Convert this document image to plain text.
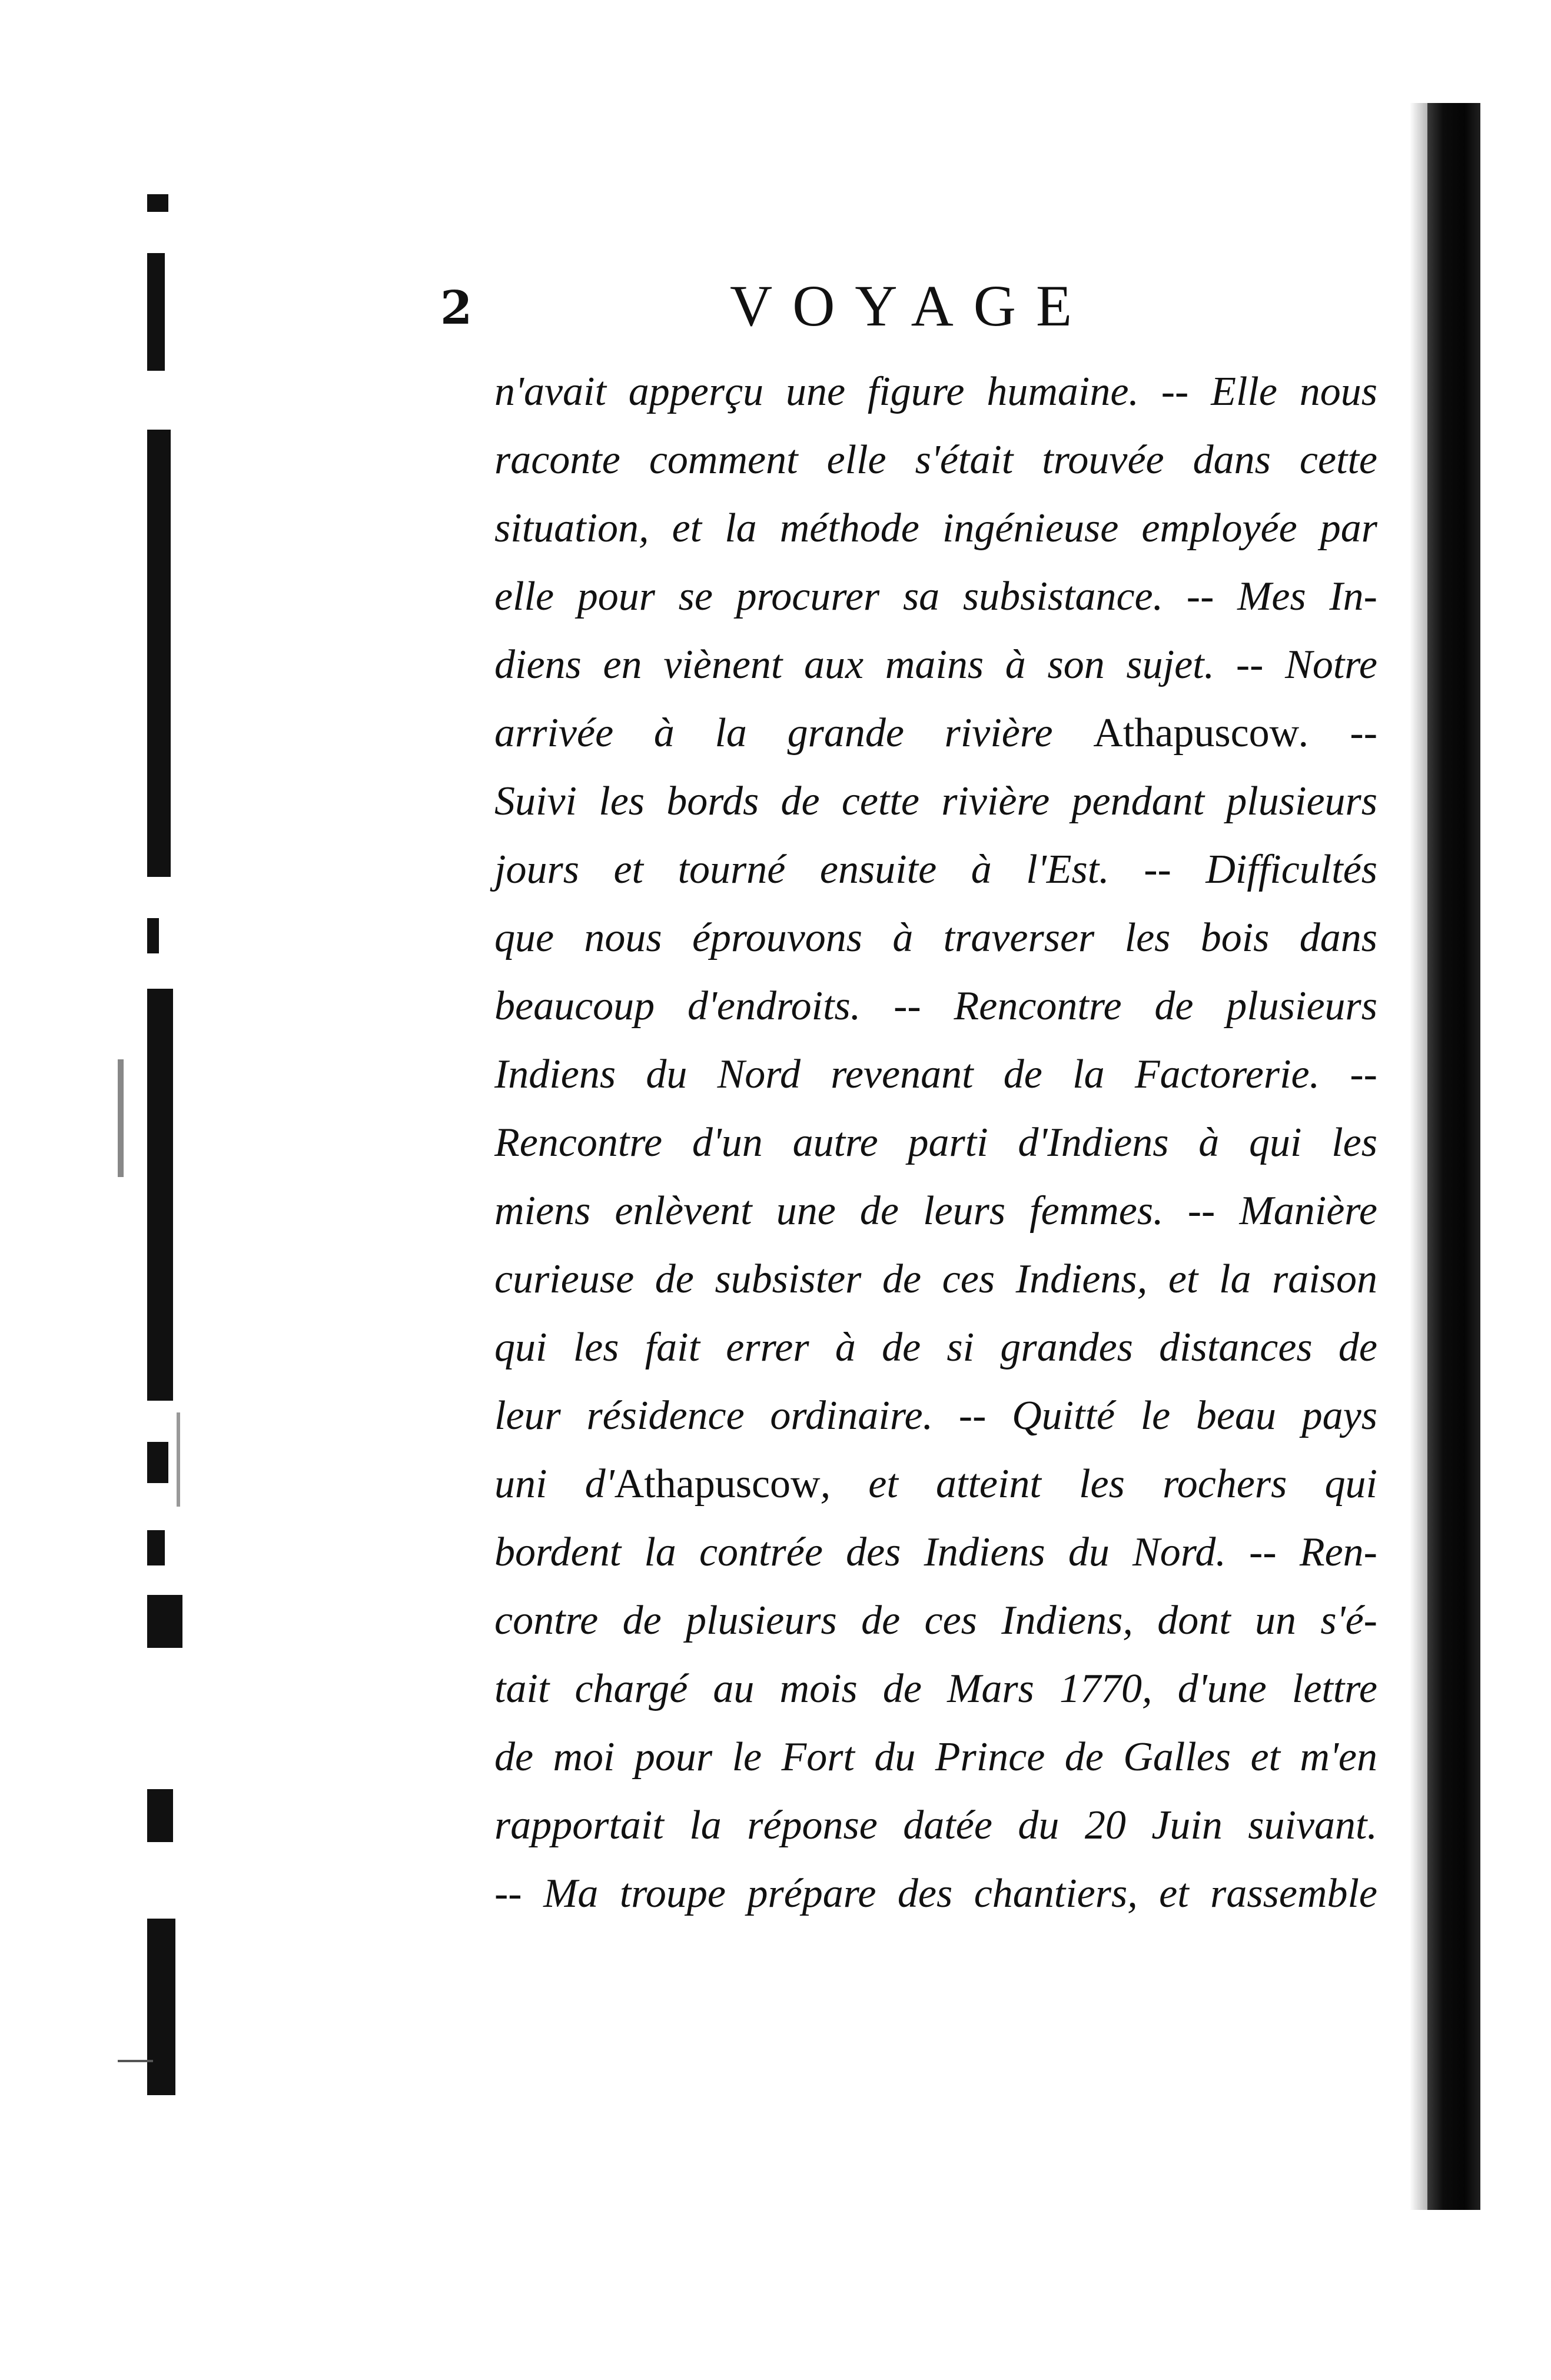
2	VOYAGE
n'avait apperçu une figure humaine. -- Elle nous
raconte comment elle s'était trouvée dans cette
situation, et la méthode ingénieuse employée par
elle pour se procurer sa subsistance. -- Mes In-
diens en viènent aux mains à son sujet. -- Notre
arrivée à la grande rivière Athapuscow. --
Suivi les bords de cette rivière pendant plusieurs
jours et tourné ensuite à l'Est. -- Difficultés
que nous éprouvons à traverser les bois dans
beaucoup d'endroits. -- Rencontre de plusieurs
Indiens du Nord revenant de la Factorerie. --
Rencontre d'un autre parti d'Indiens à qui les
miens enlèvent une de leurs femmes. -- Manière
curieuse de subsister de ces Indiens, et la raison
qui les fait errer à de si grandes distances de
leur résidence ordinaire. -- Quitté le beau pays
uni d'Athapuscow, et atteint les rochers qui
bordent la contrée des Indiens du Nord. -- Ren-
contre de plusieurs de ces Indiens, dont un s'é-
tait chargé au mois de Mars 1770, d'une lettre
de moi pour le Fort du Prince de Galles et m'en
rapportait la réponse datée du 20 Juin suivant.
-- Ma troupe prépare des chantiers, et rassemble
